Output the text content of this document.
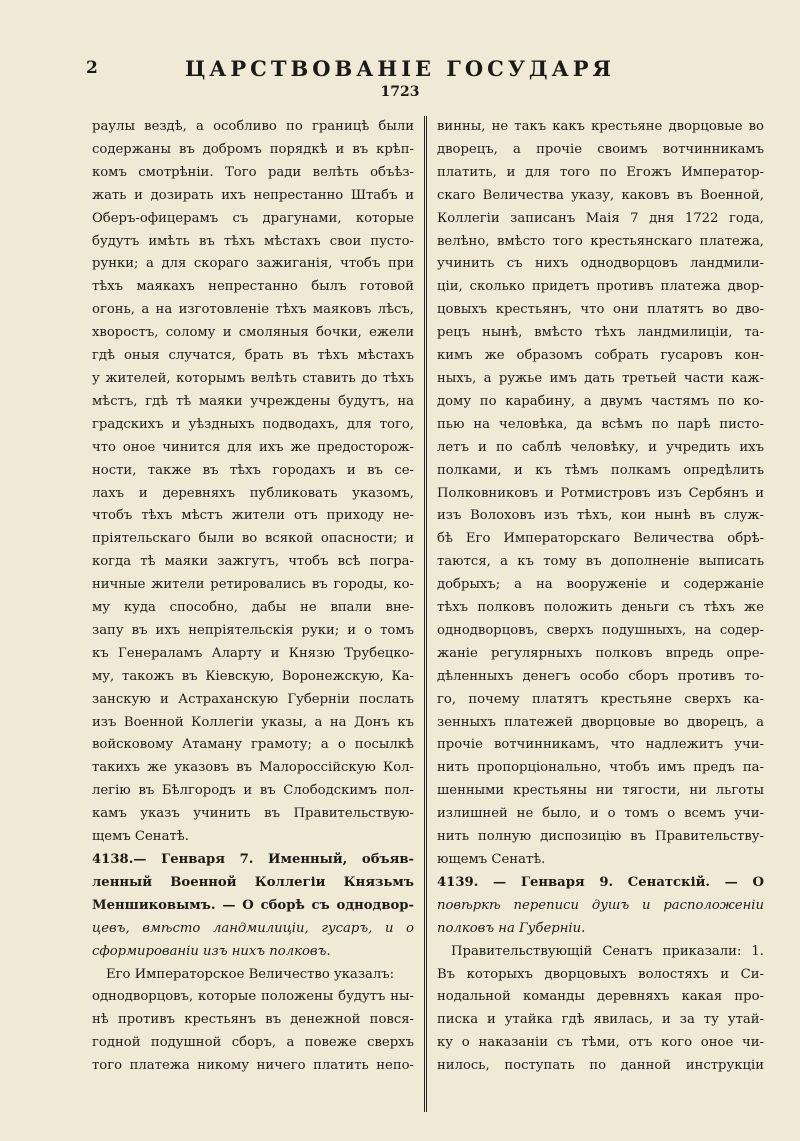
2	ЦАРСТВОВАНІЕ ГОСУДАРЯ
1723
раулы вездѣ, а особливо по границѣ были
содержаны въ добромъ порядкѣ и въ крѣп-
комъ смотрѣніи. Того ради велѣть объѣз-
жать и дозирать ихъ непрестанно Штабъ и
Оберъ-офицерамъ съ драгунами, которые
будутъ имѣть въ тѣхъ мѣстахъ свои пусто-
рунки; а для скораго зажиганія, чтобъ при
тѣхъ маякахъ непрестанно былъ готовой
огонь, а на изготовленіе тѣхъ маяковъ лѣсъ,
хворостъ, солому и смоляныя бочки, ежели
гдѣ оныя случатся, брать въ тѣхъ мѣстахъ
у жителей, которымъ велѣть ставить до тѣхъ
мѣстъ, гдѣ тѣ маяки учреждены будутъ, на
градскихъ и уѣздныхъ подводахъ, для того,
что оное чинится для ихъ же предосторож-
ности, также въ тѣхъ городахъ и въ се-
лахъ и деревняхъ публиковать указомъ,
чтобъ тѣхъ мѣстъ жители отъ приходу не-
пріятельскаго были во всякой опасности; и
когда тѣ маяки зажгутъ, чтобъ всѣ погра-
ничные жители ретировались въ городы, ко-
му куда способно, дабы не впали вне-
запу въ ихъ непріятельскія руки; и о томъ
къ Генераламъ Аларту и Князю Трубецко-
му, такожъ въ Кіевскую, Воронежскую, Ка-
занскую и Астраханскую Губерніи послать
изъ Военной Коллегіи указы, а на Донъ къ
войсковому Атаману грамоту; а о посылкѣ
такихъ же указовъ въ Малороссійскую Кол-
легію въ Бѣлгородъ и въ Слободскимъ пол-
камъ указъ учинить въ Правительствую-
щемъ Сенатѣ.
4138.— Генваря 7. Именный, объяв-
ленный Военной Коллегіи Князьмъ
Меншиковымъ. — О сборѣ съ однодвор-
цевъ, вмѣсто ландмилиціи, гусаръ, и о
сформированіи изъ нихъ полковъ.
Его Императорское Величество указалъ:
однодворцовъ, которые положены будутъ ны-
нѣ противъ крестьянъ въ денежной повся-
годной подушной сборъ, а повеже сверхъ
того платежа никому ничего платить непо-
винны, не такъ какъ крестьяне дворцовые во
дворецъ, а прочіе своимъ вотчинникамъ
платить, и для того по Егожъ Император-
скаго Величества указу, каковъ въ Военной,
Коллегіи записанъ Маія 7 дня 1722 года,
велѣно, вмѣсто того крестьянскаго платежа,
учинить съ нихъ однодворцовъ ландмили-
ціи, сколько придетъ противъ платежа двор-
цовыхъ крестьянъ, что они платятъ во дво-
рецъ нынѣ, вмѣсто тѣхъ ландмилиціи, та-
кимъ же образомъ собрать гусаровъ кон-
ныхъ, а ружье имъ дать третьей части каж-
дому по карабину, а двумъ частямъ по ко-
пью на человѣка, да всѣмъ по парѣ писто-
летъ и по саблѣ человѣку, и учредить ихъ
полками, и къ тѣмъ полкамъ опредѣлить
Полковниковъ и Ротмистровъ изъ Сербянъ и
изъ Волоховъ изъ тѣхъ, кои нынѣ въ служ-
бѣ Его Императорскаго Величества обрѣ-
таются, а къ тому въ дополненіе выписать
добрыхъ; а на вооруженіе и содержаніе
тѣхъ полковъ положить деньги съ тѣхъ же
однодворцовъ, сверхъ подушныхъ, на содер-
жаніе регулярныхъ полковъ впредь опре-
дѣленныхъ денегъ особо сборъ противъ то-
го, почему платятъ крестьяне сверхъ ка-
зенныхъ платежей дворцовые во дворецъ, а
прочіе вотчинникамъ, что надлежитъ учи-
нить пропорціонально, чтобъ имъ предъ па-
шенными крестьяны ни тягости, ни льготы
излишней не было, и о томъ о всемъ учи-
нить полную диспозицію въ Правительству-
ющемъ Сенатѣ.
4139. — Генваря 9. Сенатскій. — О
повѣркѣ переписи душъ и расположеніи
полковъ на Губерніи.
Правительствующій Сенатъ приказали: 1.
Въ которыхъ дворцовыхъ волостяхъ и Си-
нодальной команды деревняхъ какая про-
писка и утайка гдѣ явилась, и за ту утай-
ку о наказаніи съ тѣми, отъ кого оное чи-
нилось, поступать по данной инструкціи
